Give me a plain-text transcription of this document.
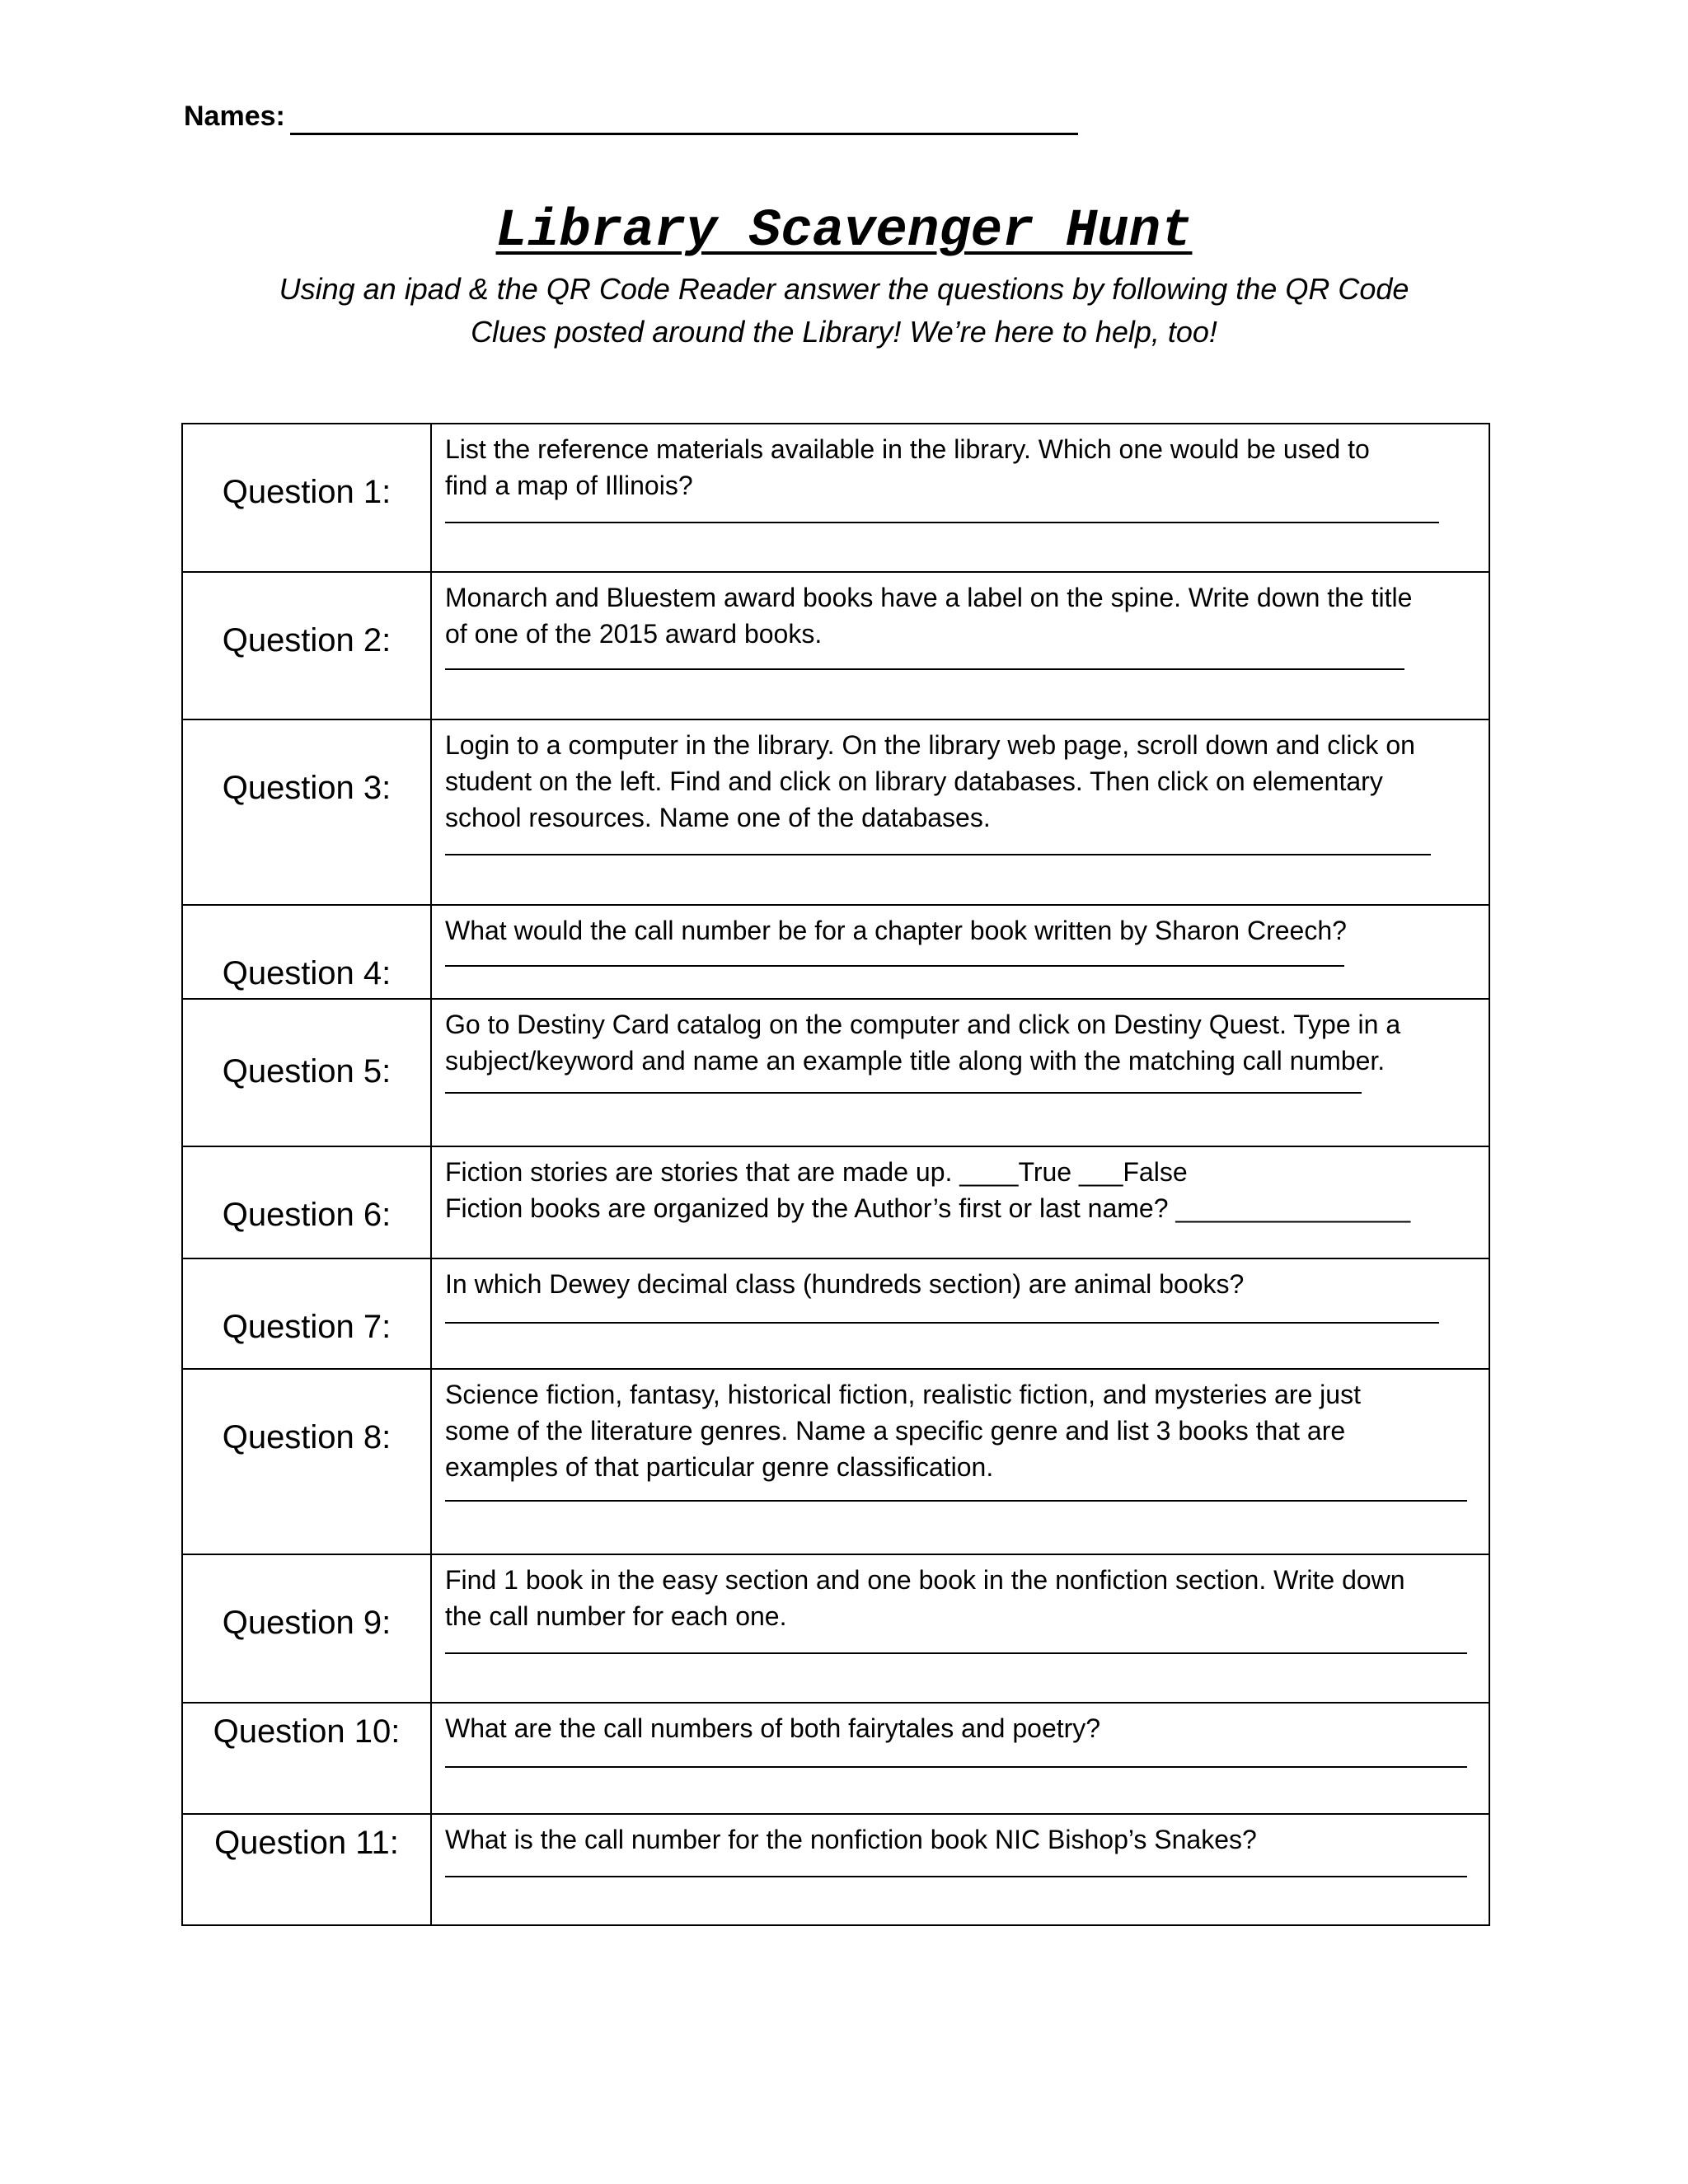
Names:
Library Scavenger Hunt
Using an ipad & the QR Code Reader answer the questions by following the QR Code
Clues posted around the Library! We’re here to help, too!
Question 1:	List the reference materials available in the library. Which one would be used to
find a map of Illinois?

Question 2:	Monarch and Bluestem award books have a label on the spine. Write down the title
of one of the 2015 award books.

Question 3:	Login to a computer in the library. On the library web page, scroll down and click on
student on the left. Find and click on library databases. Then click on elementary
school resources. Name one of the databases.

Question 4:	What would the call number be for a chapter book written by Sharon Creech?

Question 5:	Go to Destiny Card catalog on the computer and click on Destiny Quest. Type in a
subject/keyword and name an example title along with the matching call number.

Question 6:	Fiction stories are stories that are made up. ____True ___False
Fiction books are organized by the Author’s first or last name? ________________

Question 7:	In which Dewey decimal class (hundreds section) are animal books?

Question 8:	Science fiction, fantasy, historical fiction, realistic fiction, and mysteries are just
some of the literature genres. Name a specific genre and list 3 books that are
examples of that particular genre classification.

Question 9:	Find 1 book in the easy section and one book in the nonfiction section. Write down
the call number for each one.

Question 10:	What are the call numbers of both fairytales and poetry?

Question 11:	What is the call number for the nonfiction book NIC Bishop’s Snakes?
